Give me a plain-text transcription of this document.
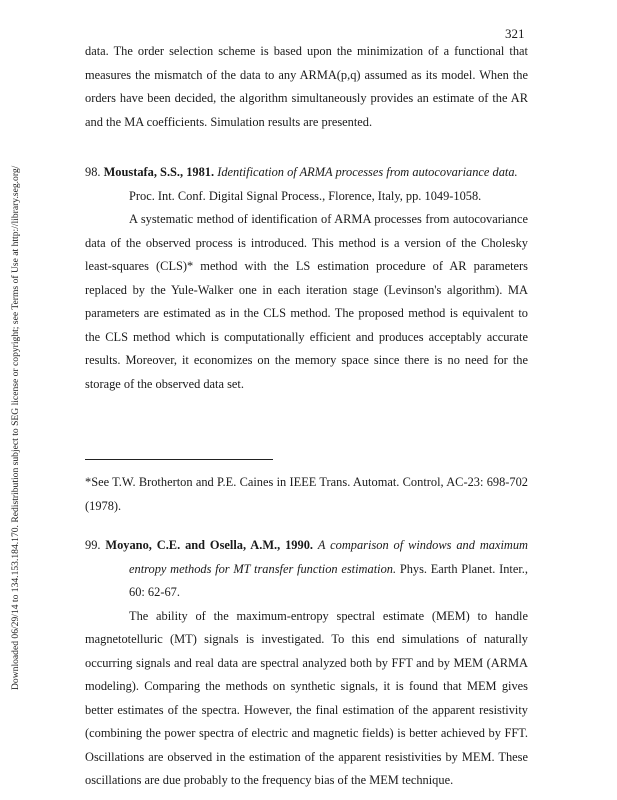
321
Downloaded 06/29/14 to 134.153.184.170. Redistribution subject to SEG license or copyright; see Terms of Use at http://library.seg.org/

data. The order selection scheme is based upon the minimization of a functional that measures the mismatch of the data to any ARMA(p,q) assumed as its model. When the orders have been decided, the algorithm simultaneously provides an estimate of the AR and the MA coefficients. Simulation results are presented.

98. Moustafa, S.S., 1981. Identification of ARMA processes from autocovariance data.

Proc. Int. Conf. Digital Signal Process., Florence, Italy, pp. 1049-1058.

A systematic method of identification of ARMA processes from autocovariance data of the observed process is introduced. This method is a version of the Cholesky least-squares (CLS)* method with the LS estimation procedure of AR parameters replaced by the Yule-Walker one in each iteration stage (Levinson's algorithm). MA parameters are estimated as in the CLS method. The proposed method is equivalent to the CLS method which is computationally efficient and produces acceptably accurate results. Moreover, it economizes on the memory space since there is no need for the storage of the observed data set.

*See T.W. Brotherton and P.E. Caines in IEEE Trans. Automat. Control, AC-23: 698-702 (1978).

99. Moyano, C.E. and Osella, A.M., 1990. A comparison of windows and maximum entropy methods for MT transfer function estimation. Phys. Earth Planet. Inter., 60: 62-67.

The ability of the maximum-entropy spectral estimate (MEM) to handle magnetotelluric (MT) signals is investigated. To this end simulations of naturally occurring signals and real data are spectral analyzed both by FFT and by MEM (ARMA modeling). Comparing the methods on synthetic signals, it is found that MEM gives better estimates of the spectra. However, the final estimation of the apparent resistivity (combining the power spectra of electric and magnetic fields) is better achieved by FFT. Oscillations are observed in the estimation of the apparent resistivities by MEM. These oscillations are due probably to the frequency bias of the MEM technique.
